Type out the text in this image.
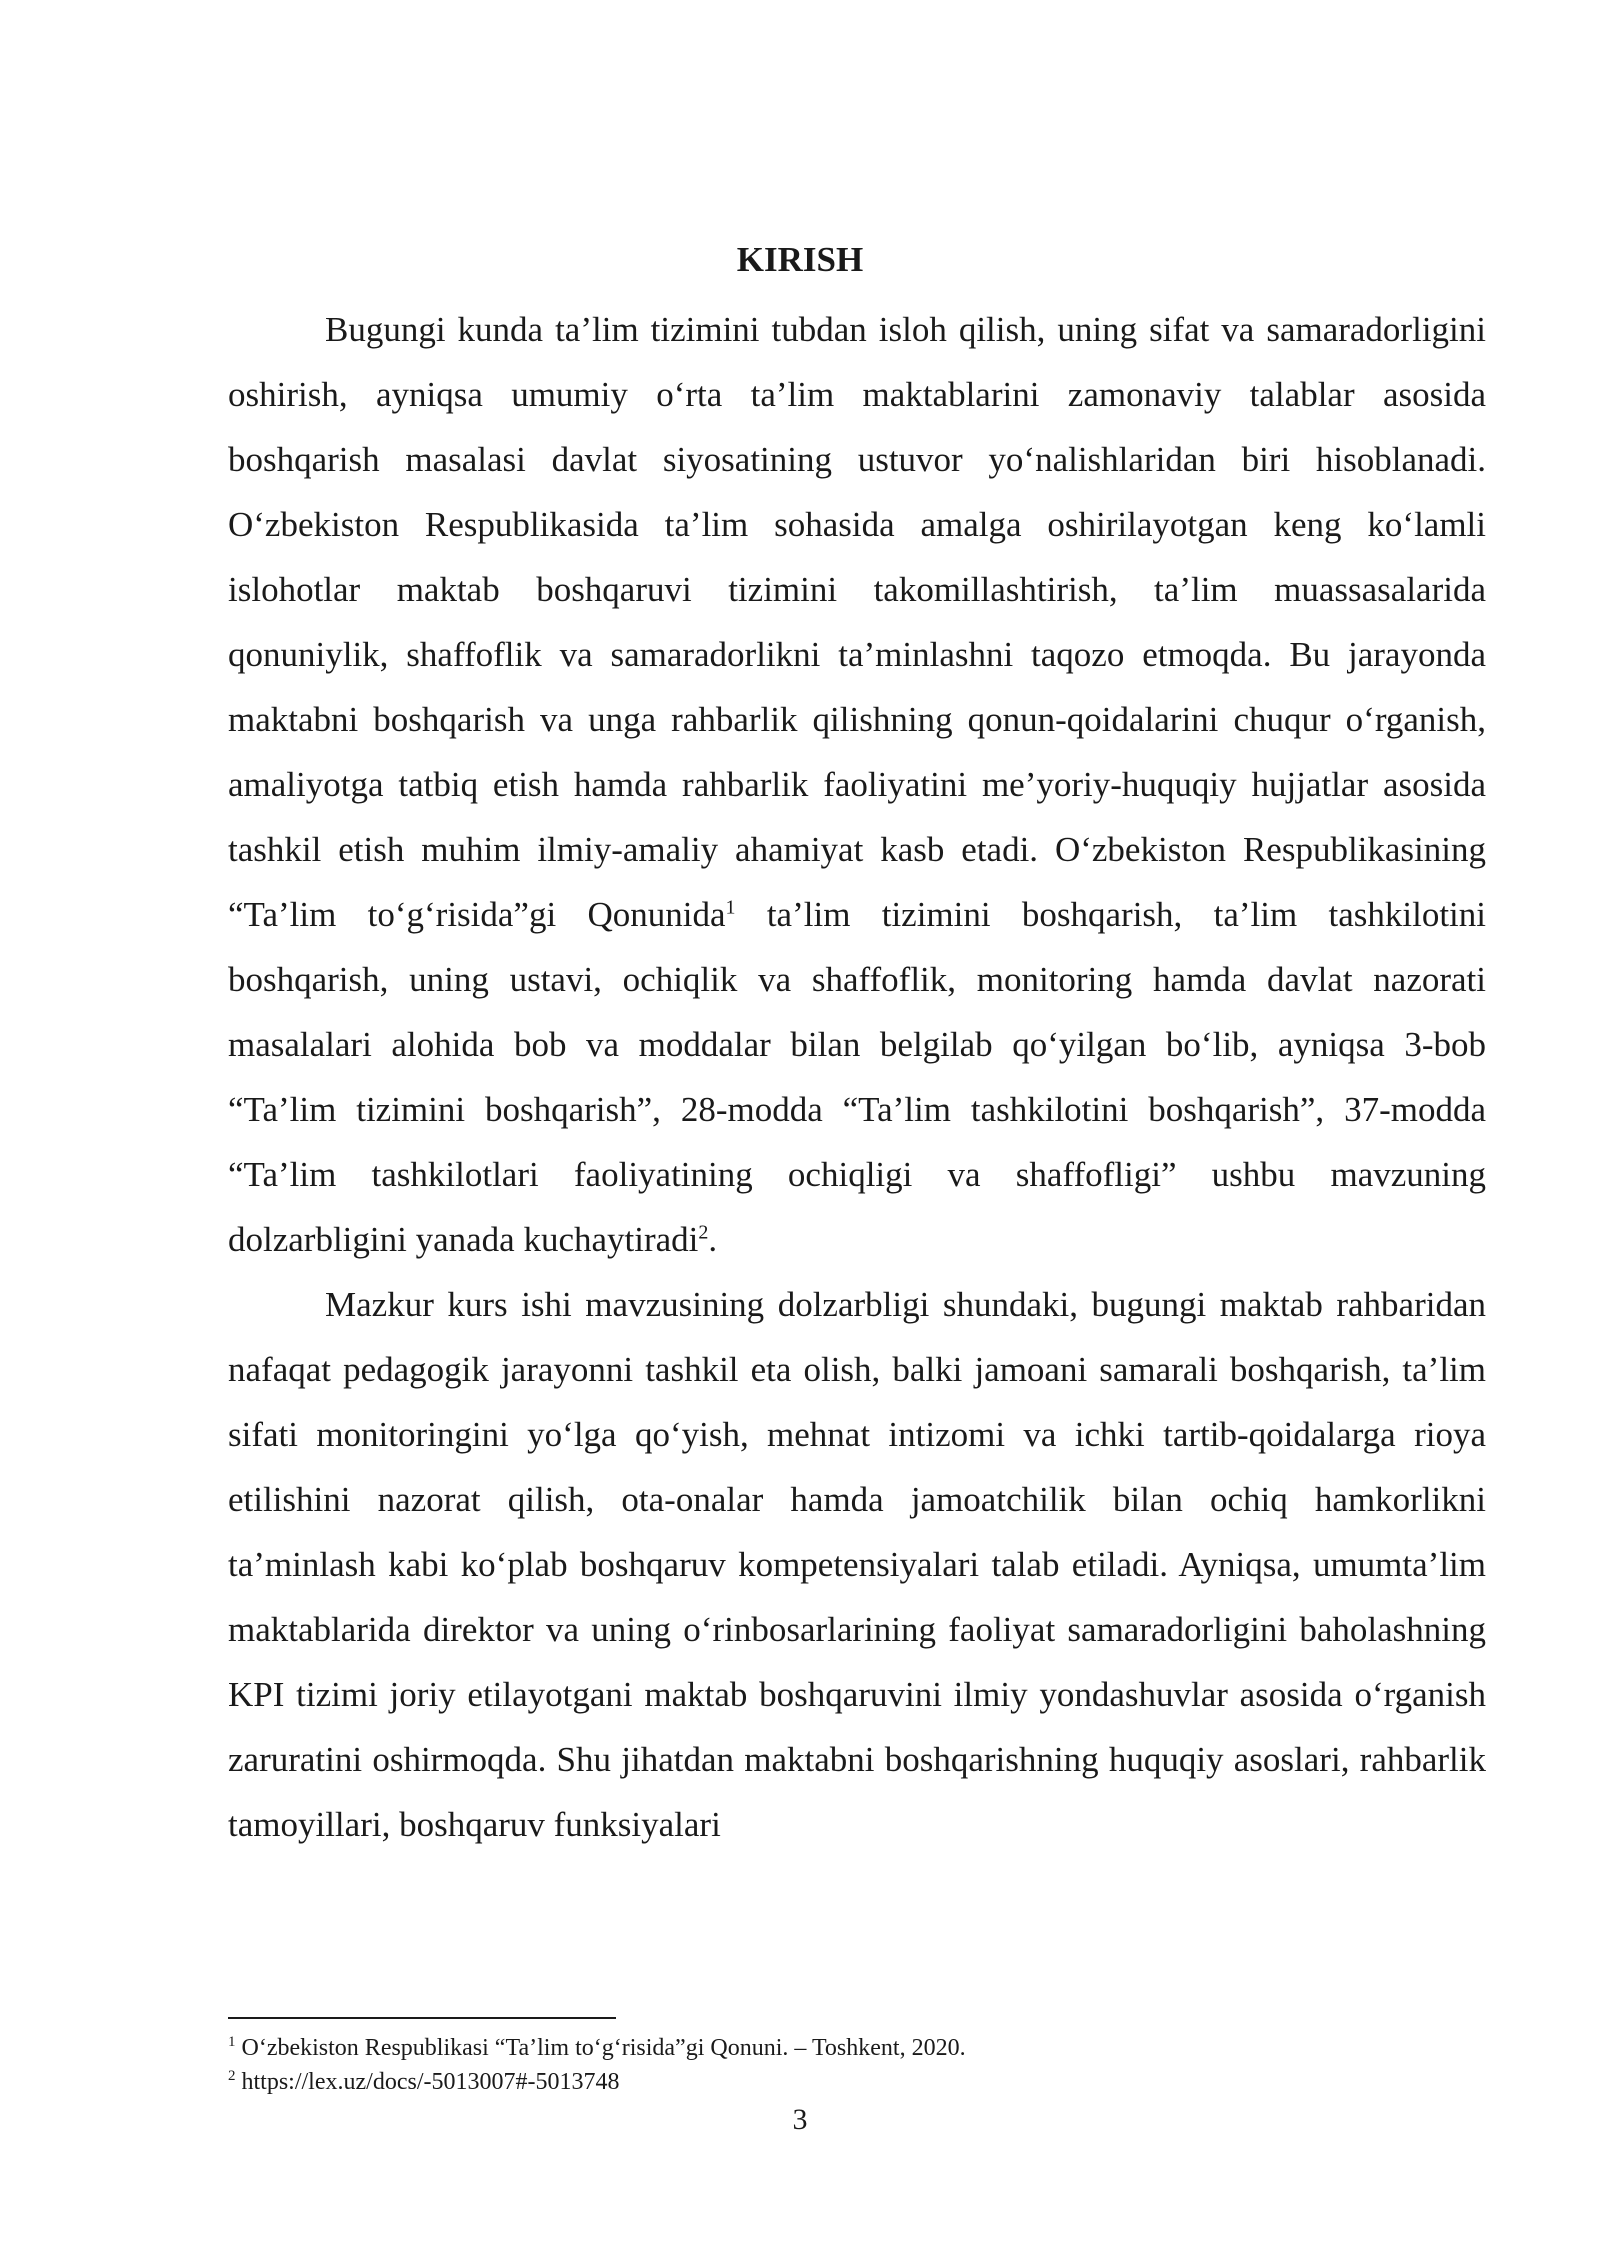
KIRISH

Bugungi kunda ta’lim tizimini tubdan isloh qilish, uning sifat va samaradorligini oshirish, ayniqsa umumiy o‘rta ta’lim maktablarini zamonaviy talablar asosida boshqarish masalasi davlat siyosatining ustuvor yo‘nalishlaridan biri hisoblanadi. O‘zbekiston Respublikasida ta’lim sohasida amalga oshirilayotgan keng ko‘lamli islohotlar maktab boshqaruvi tizimini takomillashtirish, ta’lim muassasalarida qonuniylik, shaffoflik va samaradorlikni ta’minlashni taqozo etmoqda. Bu jarayonda maktabni boshqarish va unga rahbarlik qilishning qonun-qoidalarini chuqur o‘rganish, amaliyotga tatbiq etish hamda rahbarlik faoliyatini me’yoriy-huquqiy hujjatlar asosida tashkil etish muhim ilmiy-amaliy ahamiyat kasb etadi. O‘zbekiston Respublikasining “Ta’lim to‘g‘risida”gi Qonunida$^1$ ta’lim tizimini boshqarish, ta’lim tashkilotini boshqarish, uning ustavi, ochiqlik va shaffoflik, monitoring hamda davlat nazorati masalalari alohida bob va moddalar bilan belgilab qo‘yilgan bo‘lib, ayniqsa 3-bob “Ta’lim tizimini boshqarish”, 28-modda “Ta’lim tashkilotini boshqarish”, 37-modda “Ta’lim tashkilotlari faoliyatining ochiqligi va shaffofligi” ushbu mavzuning dolzarbligini yanada kuchaytiradi$^2$.

Mazkur kurs ishi mavzusining dolzarbligi shundaki, bugungi maktab rahbaridan nafaqat pedagogik jarayonni tashkil eta olish, balki jamoani samarali boshqarish, ta’lim sifati monitoringini yo‘lga qo‘yish, mehnat intizomi va ichki tartib-qoidalarga rioya etilishini nazorat qilish, ota-onalar hamda jamoatchilik bilan ochiq hamkorlikni ta’minlash kabi ko‘plab boshqaruv kompetensiyalari talab etiladi. Ayniqsa, umumta’lim maktablarida direktor va uning o‘rinbosarlarining faoliyat samaradorligini baholashning KPI tizimi joriy etilayotgani maktab boshqaruvini ilmiy yondashuvlar asosida o‘rganish zaruratini oshirmoqda. Shu jihatdan maktabni boshqarishning huquqiy asoslari, rahbarlik tamoyillari, boshqaruv funksiyalari

$^1$ O‘zbekiston Respublikasi “Ta’lim to‘g‘risida”gi Qonuni. – Toshkent, 2020.

$^2$ https://lex.uz/docs/-5013007#-5013748

3
